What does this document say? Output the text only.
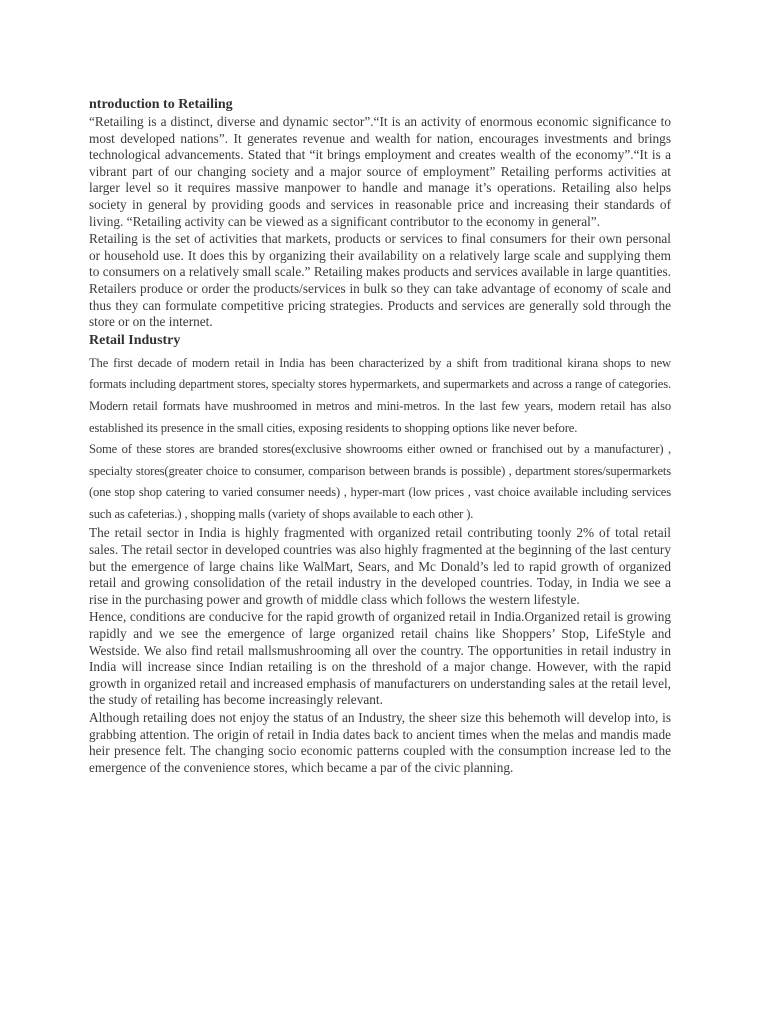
ntroduction to Retailing

“Retailing is a distinct, diverse and dynamic sector”.“It is an activity of enormous economic significance to most developed nations”. It generates revenue and wealth for nation, encourages investments and brings technological advancements. Stated that “it brings employment and creates wealth of the economy”.“It is a vibrant part of our changing society and a major source of employment” Retailing performs activities at larger level so it requires massive manpower to handle and manage it’s operations. Retailing also helps society in general by providing goods and services in reasonable price and increasing their standards of living. “Retailing activity can be viewed as a significant contributor to the economy in general”.

Retailing is the set of activities that markets, products or services to final consumers for their own personal or household use. It does this by organizing their availability on a relatively large scale and supplying them to consumers on a relatively small scale.” Retailing makes products and services available in large quantities. Retailers produce or order the products/services in bulk so they can take advantage of economy of scale and thus they can formulate competitive pricing strategies. Products and services are generally sold through the store or on the internet.

Retail Industry

The first decade of modern retail in India has been characterized by a shift from traditional kirana shops to new formats including department stores, specialty stores hypermarkets, and supermarkets and across a range of categories. Modern retail formats have mushroomed in metros and mini-metros. In the last few years, modern retail has also established its presence in the small cities, exposing residents to shopping options like never before.

Some of these stores are branded stores(exclusive showrooms either owned or franchised out by a manufacturer) , specialty stores(greater choice to consumer, comparison between brands is possible) , department stores/supermarkets (one stop shop catering to varied consumer needs) , hyper-mart (low prices , vast choice available including services such as cafeterias.) , shopping malls (variety of shops available to each other ).

The retail sector in India is highly fragmented with organized retail contributing toonly 2% of total retail sales. The retail sector in developed countries was also highly fragmented at the beginning of the last century but the emergence of large chains like WalMart, Sears, and Mc Donald’s led to rapid growth of organized retail and growing consolidation of the retail industry in the developed countries. Today, in India we see a rise in the purchasing power and growth of middle class which follows the western lifestyle.

Hence, conditions are conducive for the rapid growth of organized retail in India.Organized retail is growing rapidly and we see the emergence of large organized retail chains like Shoppers’ Stop, LifeStyle and Westside. We also find retail mallsmushrooming all over the country. The opportunities in retail industry in India will increase since Indian retailing is on the threshold of a major change. However, with the rapid growth in organized retail and increased emphasis of manufacturers on understanding sales at the retail level, the study of retailing has become increasingly relevant.

Although retailing does not enjoy the status of an Industry, the sheer size this behemoth will develop into, is grabbing attention. The origin of retail in India dates back to ancient times when the melas and mandis made heir presence felt. The changing socio economic patterns coupled with the consumption increase led to the emergence of the convenience stores, which became a par of the civic planning.
